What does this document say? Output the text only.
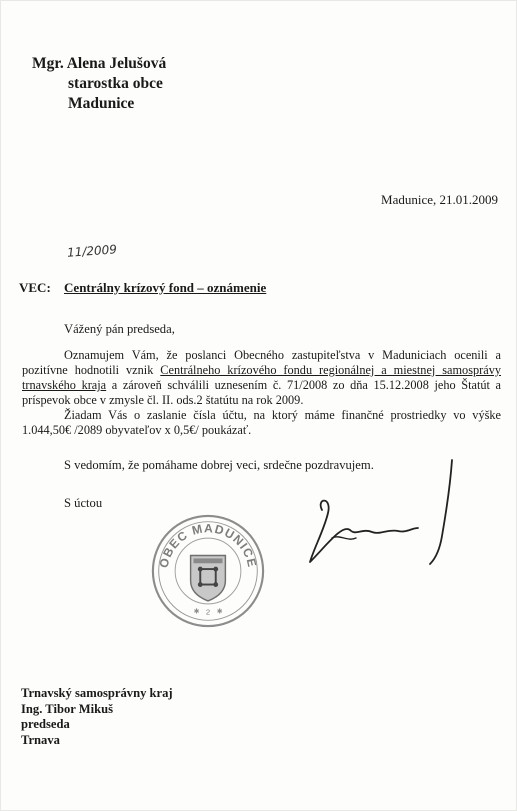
Mgr. Alena Jelušová
starostka obce
Madunice
Madunice, 21.01.2009
11/2009
VEC: Centrálny krízový fond – oznámenie
Vážený pán predseda,

Oznamujem Vám, že poslanci Obecného zastupiteľstva v Maduniciach ocenili a pozitívne hodnotili vznik Centrálneho krízového fondu regionálnej a miestnej samosprávy trnavského kraja a zároveň schválili uznesením č. 71/2008 zo dňa 15.12.2008 jeho Štatút a príspevok obce v zmysle čl. II. ods.2 štatútu na rok 2009.

Žiadam Vás o zaslanie čísla účtu, na ktorý máme finančné prostriedky vo výške 1.044,50€ /2089 obyvateľov x 0,5€/ poukázať.

S vedomím, že pomáhame dobrej veci, srdečne pozdravujem.
S úctou
OBEC MADUNICE
2
✱	✱
Trnavský samosprávny kraj
Ing. Tibor Mikuš
predseda
Trnava
